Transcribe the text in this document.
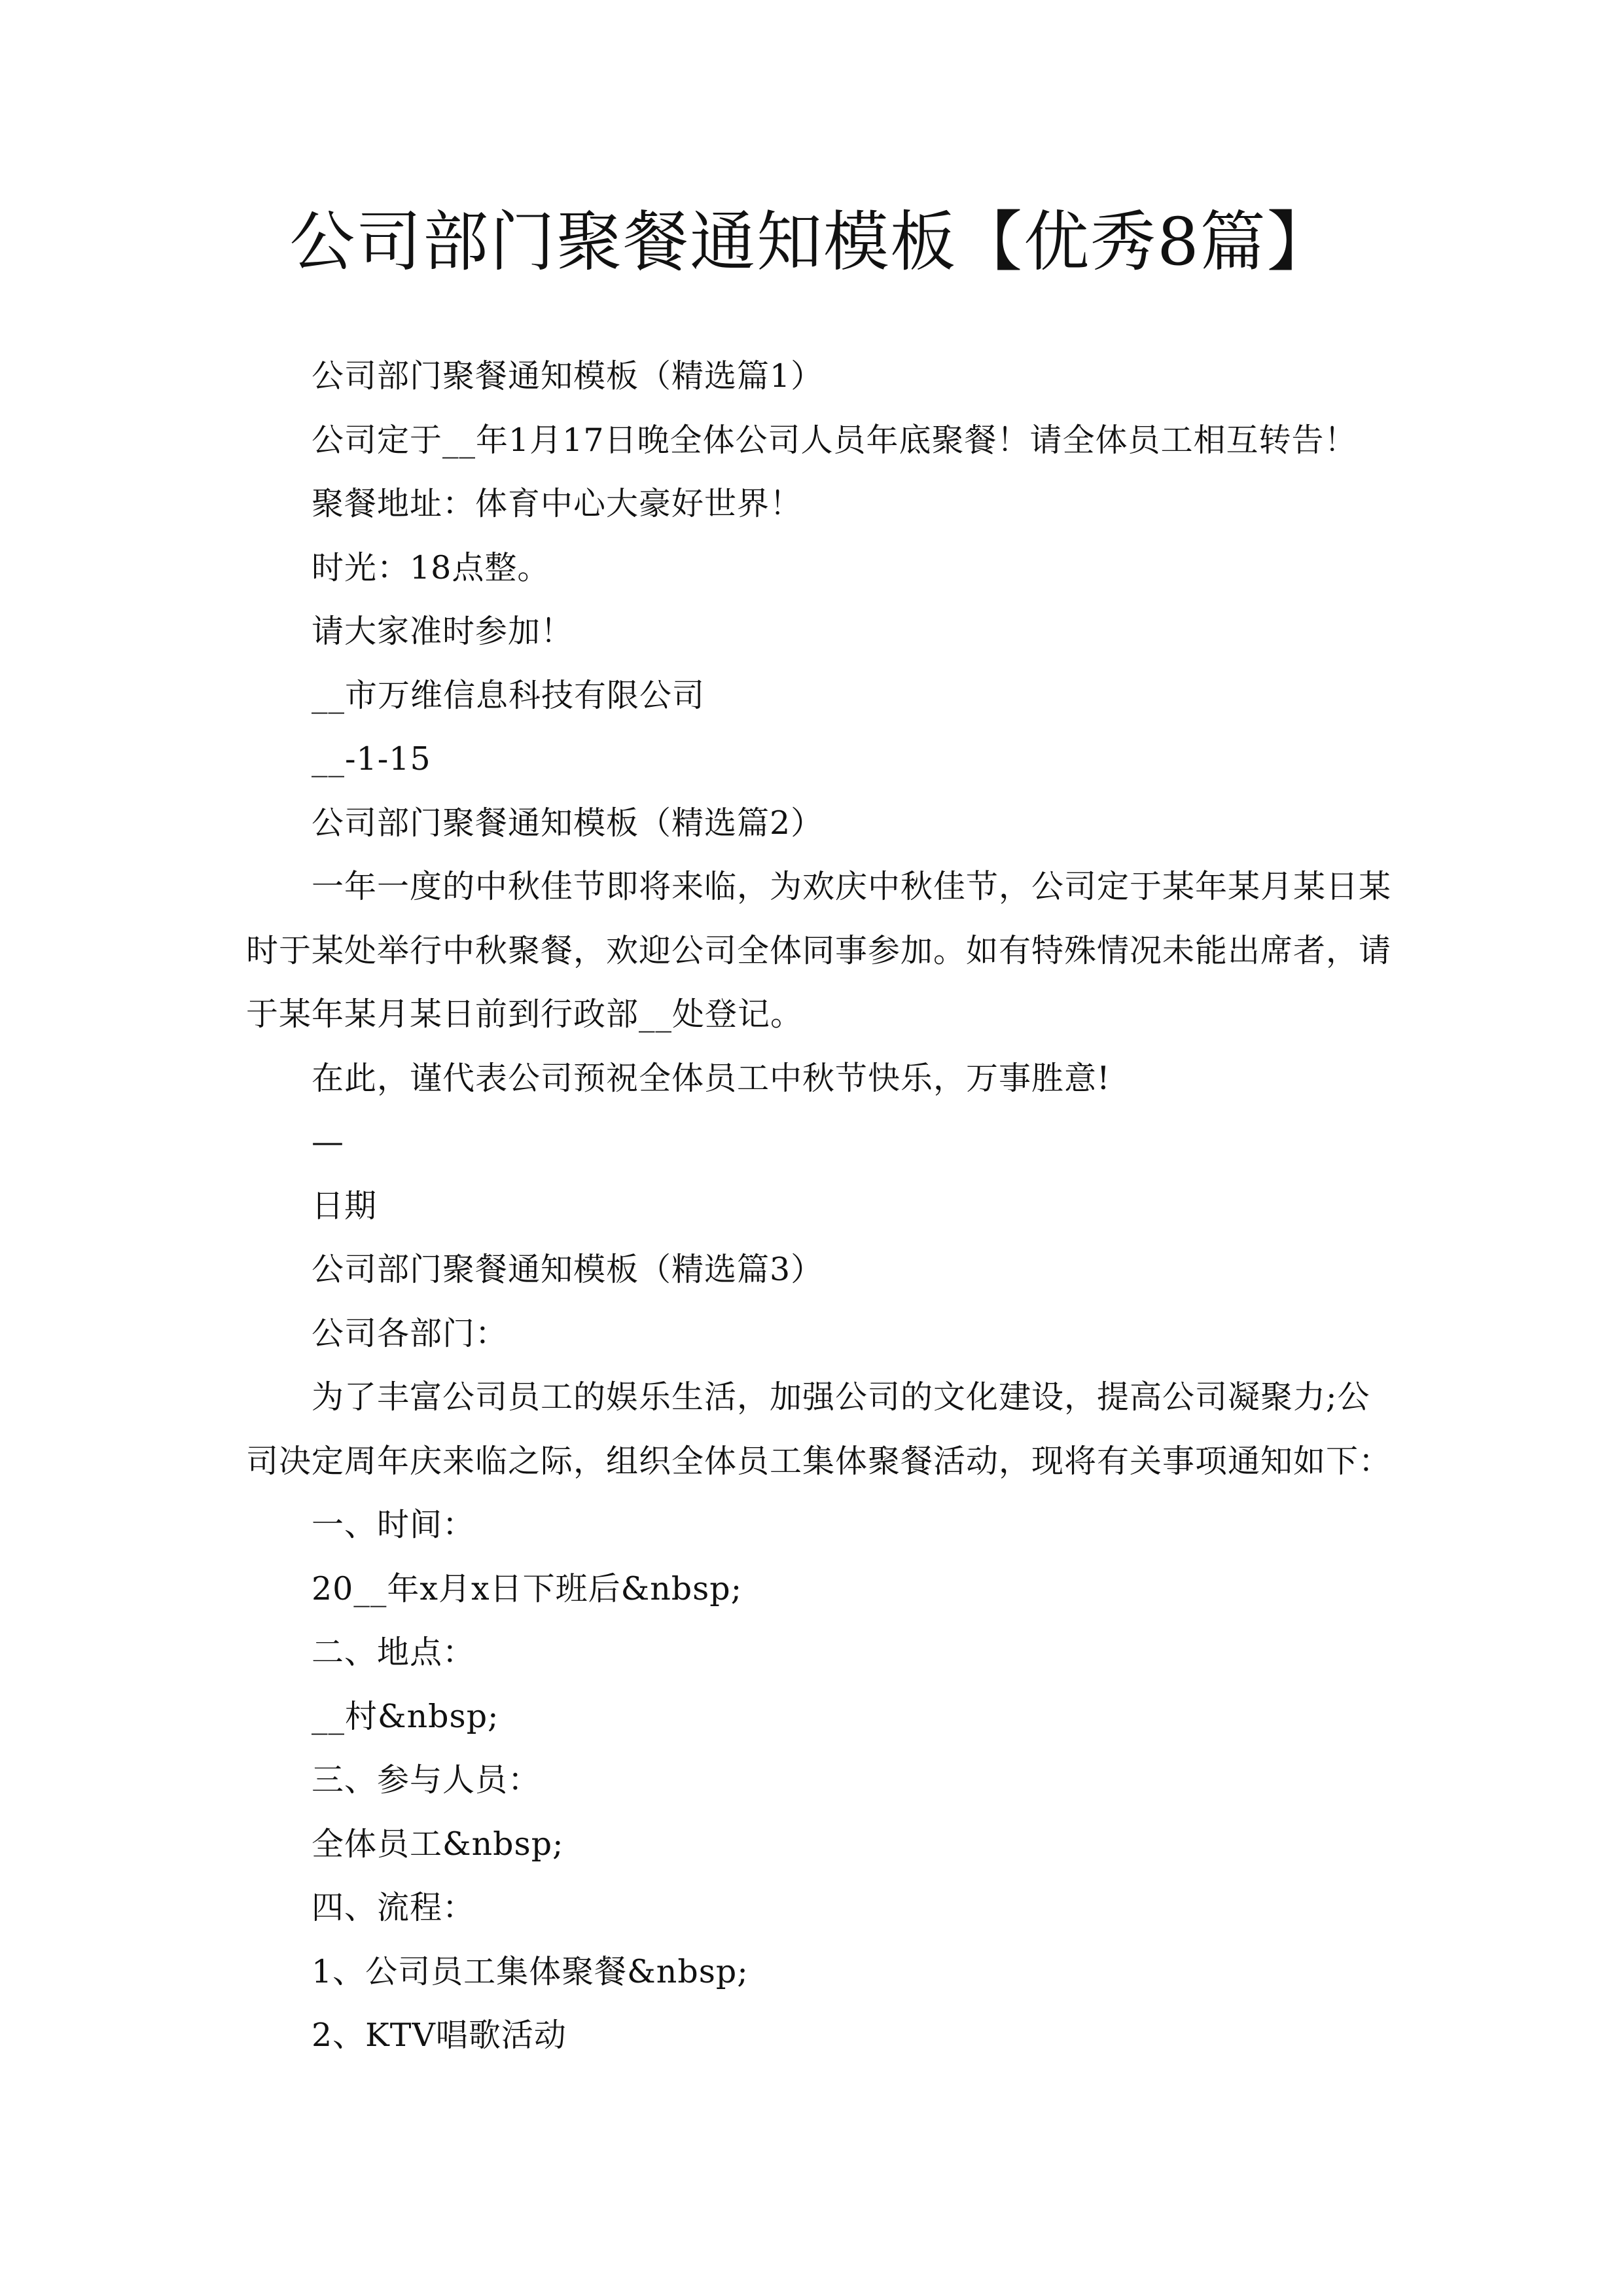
公司部门聚餐通知模板【优秀8篇】
公司部门聚餐通知模板（精选篇1）
公司定于__年1月17日晚全体公司人员年底聚餐！请全体员工相互转告！
聚餐地址：体育中心大豪好世界！
时光：18点整。
请大家准时参加！
__市万维信息科技有限公司
__-1-15
公司部门聚餐通知模板（精选篇2）
一年一度的中秋佳节即将来临，为欢庆中秋佳节，公司定于某年某月某日某
时于某处举行中秋聚餐，欢迎公司全体同事参加。如有特殊情况未能出席者，请
于某年某月某日前到行政部__处登记。
在此，谨代表公司预祝全体员工中秋节快乐，万事胜意!
—
日期
公司部门聚餐通知模板（精选篇3）
公司各部门：
为了丰富公司员工的娱乐生活，加强公司的文化建设，提高公司凝聚力;公
司决定周年庆来临之际，组织全体员工集体聚餐活动，现将有关事项通知如下：
一、时间：
20__年x月x日下班后&nbsp;
二、地点：
__村&nbsp;
三、参与人员：
全体员工&nbsp;
四、流程：
1、公司员工集体聚餐&nbsp;
2、KTV唱歌活动
